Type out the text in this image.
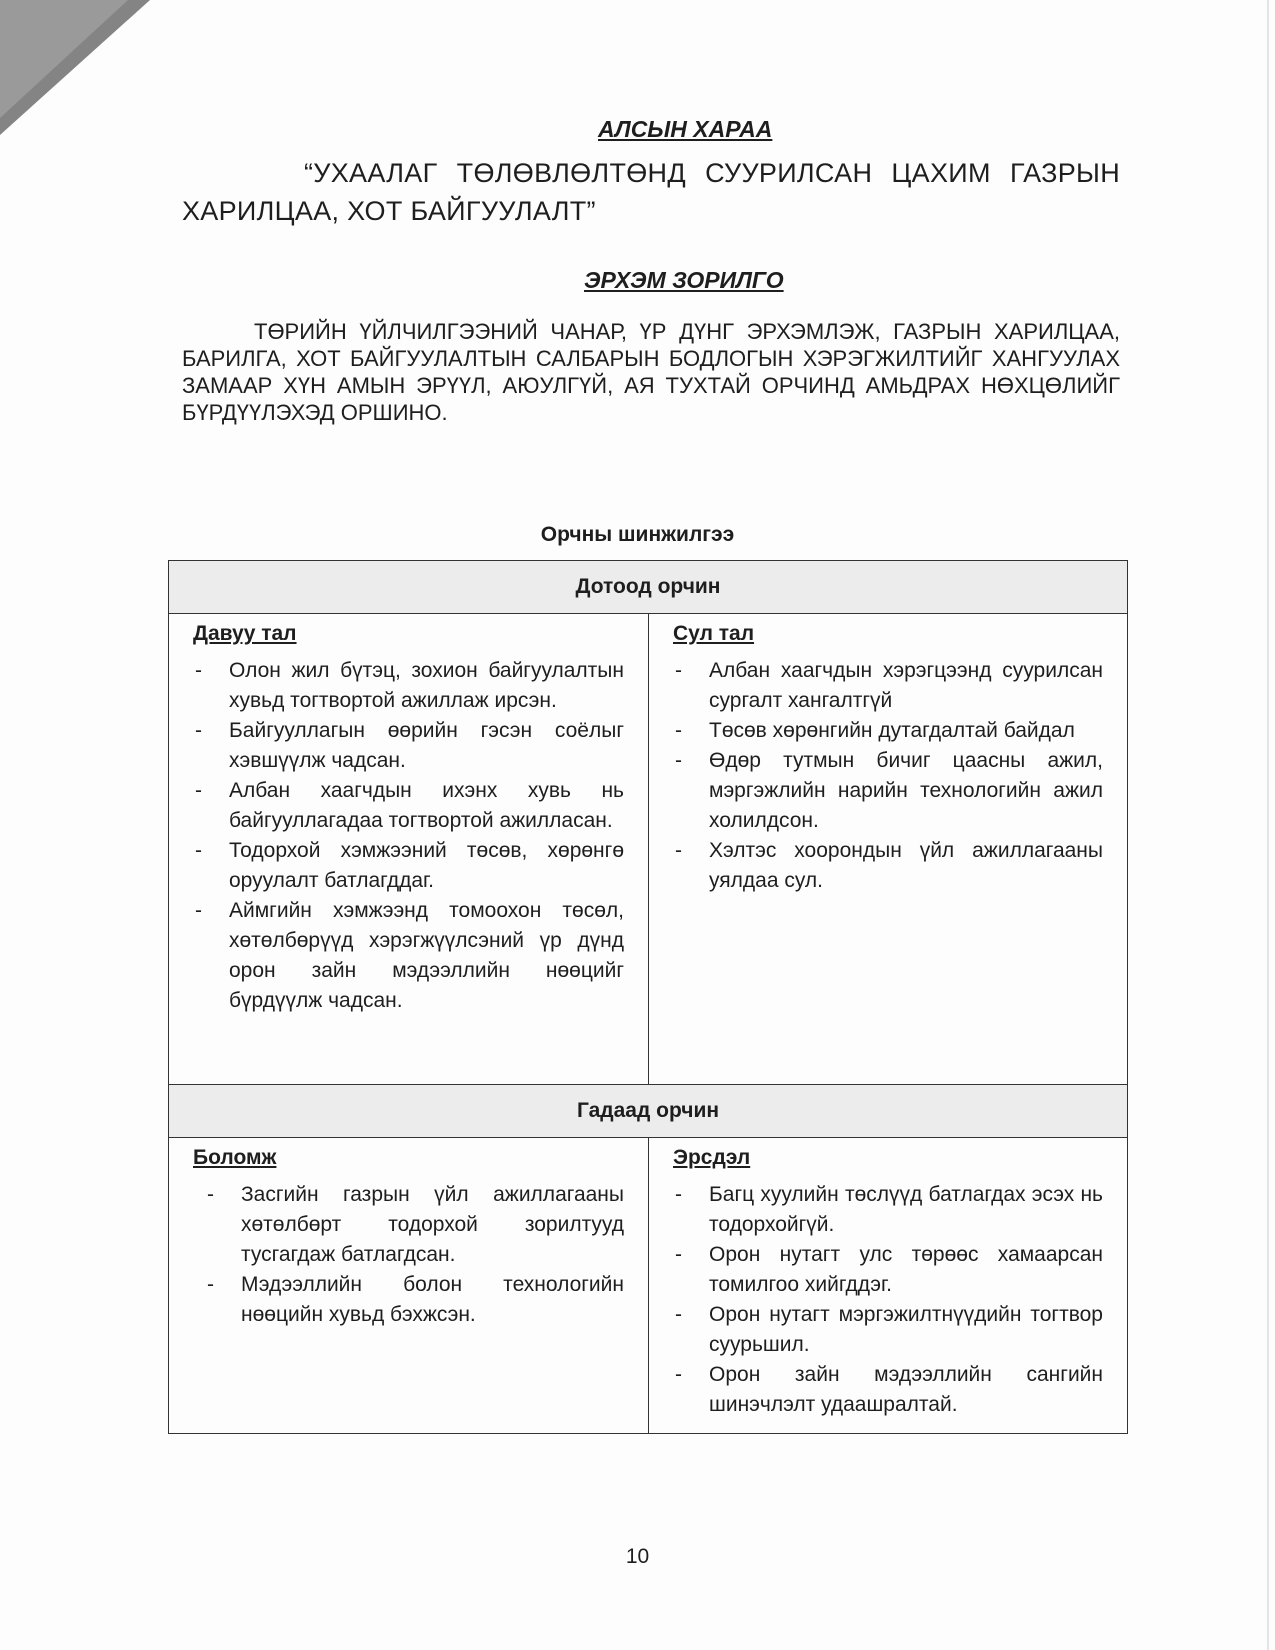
АЛСЫН ХАРАА
“УХААЛАГ ТӨЛӨВЛӨЛТӨНД СУУРИЛСАН ЦАХИМ ГАЗРЫН ХАРИЛЦАА, ХОТ БАЙГУУЛАЛТ”
ЭРХЭМ ЗОРИЛГО
ТӨРИЙН ҮЙЛЧИЛГЭЭНИЙ ЧАНАР, ҮР ДҮНГ ЭРХЭМЛЭЖ, ГАЗРЫН ХАРИЛЦАА, БАРИЛГА, ХОТ БАЙГУУЛАЛТЫН САЛБАРЫН БОДЛОГЫН ХЭРЭГЖИЛТИЙГ ХАНГУУЛАХ ЗАМААР ХҮН АМЫН ЭРҮҮЛ, АЮУЛГҮЙ, АЯ ТУХТАЙ ОРЧИНД АМЬДРАХ НӨХЦӨЛИЙГ БҮРДҮҮЛЭХЭД ОРШИНО.
Орчны шинжилгээ
Дотоод орчин
Давуу тал
- Олон жил бүтэц, зохион байгуулалтын хувьд тогтвортой ажиллаж ирсэн.
- Байгууллагын өөрийн гэсэн соёлыг хэвшүүлж чадсан.
- Албан хаагчдын ихэнх хувь нь байгууллагадаа тогтвортой ажилласан.
- Тодорхой хэмжээний төсөв, хөрөнгө оруулалт батлагддаг.
- Аймгийн хэмжээнд томоохон төсөл, хөтөлбөрүүд хэрэгжүүлсэний үр дүнд орон зайн мэдээллийн нөөцийг бүрдүүлж чадсан.
Сул тал
- Албан хаагчдын хэрэгцээнд суурилсан сургалт хангалтгүй
- Төсөв хөрөнгийн дутагдалтай байдал
- Өдөр тутмын бичиг цаасны ажил, мэргэжлийн нарийн технологийн ажил холилдсон.
- Хэлтэс хоорондын үйл ажиллагааны уялдаа сул.
Гадаад орчин
Боломж
- Засгийн газрын үйл ажиллагааны хөтөлбөрт тодорхой зорилтууд тусгагдаж батлагдсан.
- Мэдээллийн болон технологийн нөөцийн хувьд бэхжсэн.
Эрсдэл
- Багц хуулийн төслүүд батлагдах эсэх нь тодорхойгүй.
- Орон нутагт улс төрөөс хамаарсан томилгоо хийгддэг.
- Орон нутагт мэргэжилтнүүдийн тогтвор суурьшил.
- Орон зайн мэдээллийн сангийн шинэчлэлт удаашралтай.
10
